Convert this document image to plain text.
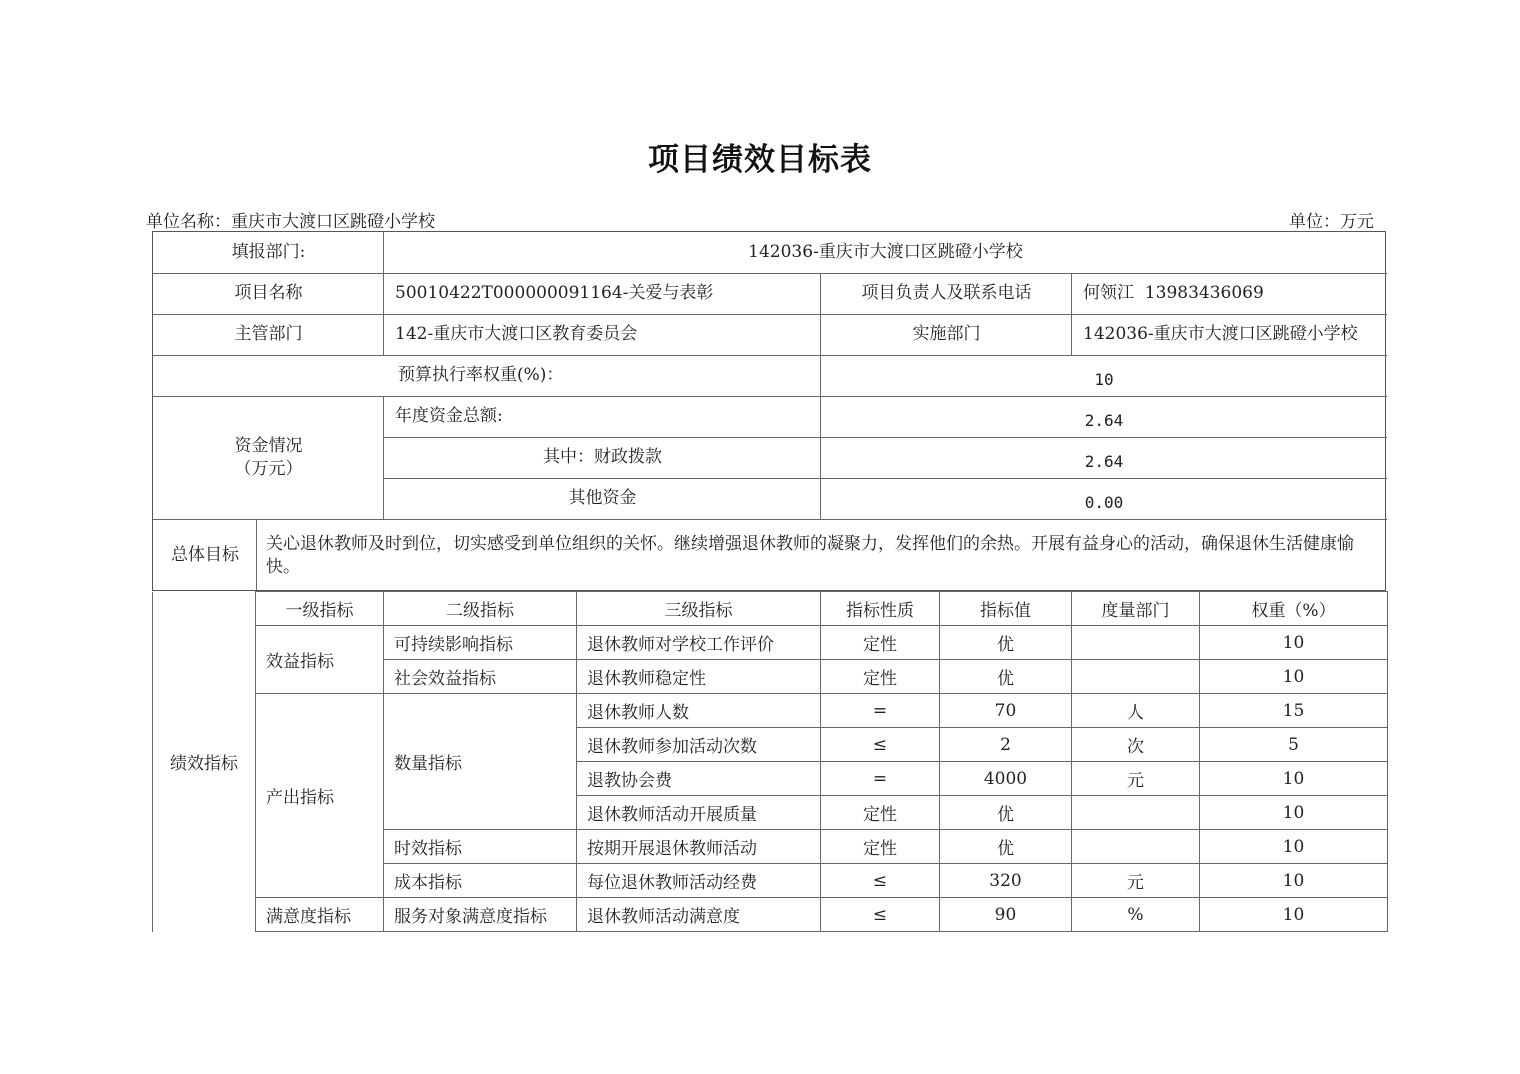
项目绩效目标表
单位名称：重庆市大渡口区跳磴小学校	单位：万元
填报部门:	142036-重庆市大渡口区跳磴小学校
项目名称	50010422T000000091164-关爱与表彰	项目负责人及联系电话	何领江  13983436069
主管部门	142-重庆市大渡口区教育委员会	实施部门	142036-重庆市大渡口区跳磴小学校
预算执行率权重(%)：	10
资金情况
（万元）
年度资金总额:	2.64
其中：财政拨款	2.64
其他资金	0.00
总体目标
关心退休教师及时到位，切实感受到单位组织的关怀。继续增强退休教师的凝聚力，发挥他们的余热。开展有益身心的活动，确保退休生活健康愉快。
绩效指标	一级指标	二级指标	三级指标	指标性质	指标值	度量部门	权重（%）
	效益指标	可持续影响指标	退休教师对学校工作评价	定性	优		10
		社会效益指标	退休教师稳定性	定性	优		10
	产出指标	数量指标	退休教师人数	=	70	人	15
			退休教师参加活动次数	≤	2	次	5
			退教协会费	=	4000	元	10
			退休教师活动开展质量	定性	优		10
		时效指标	按期开展退休教师活动	定性	优		10
		成本指标	每位退休教师活动经费	≤	320	元	10
	满意度指标	服务对象满意度指标	退休教师活动满意度	≤	90	%	10
